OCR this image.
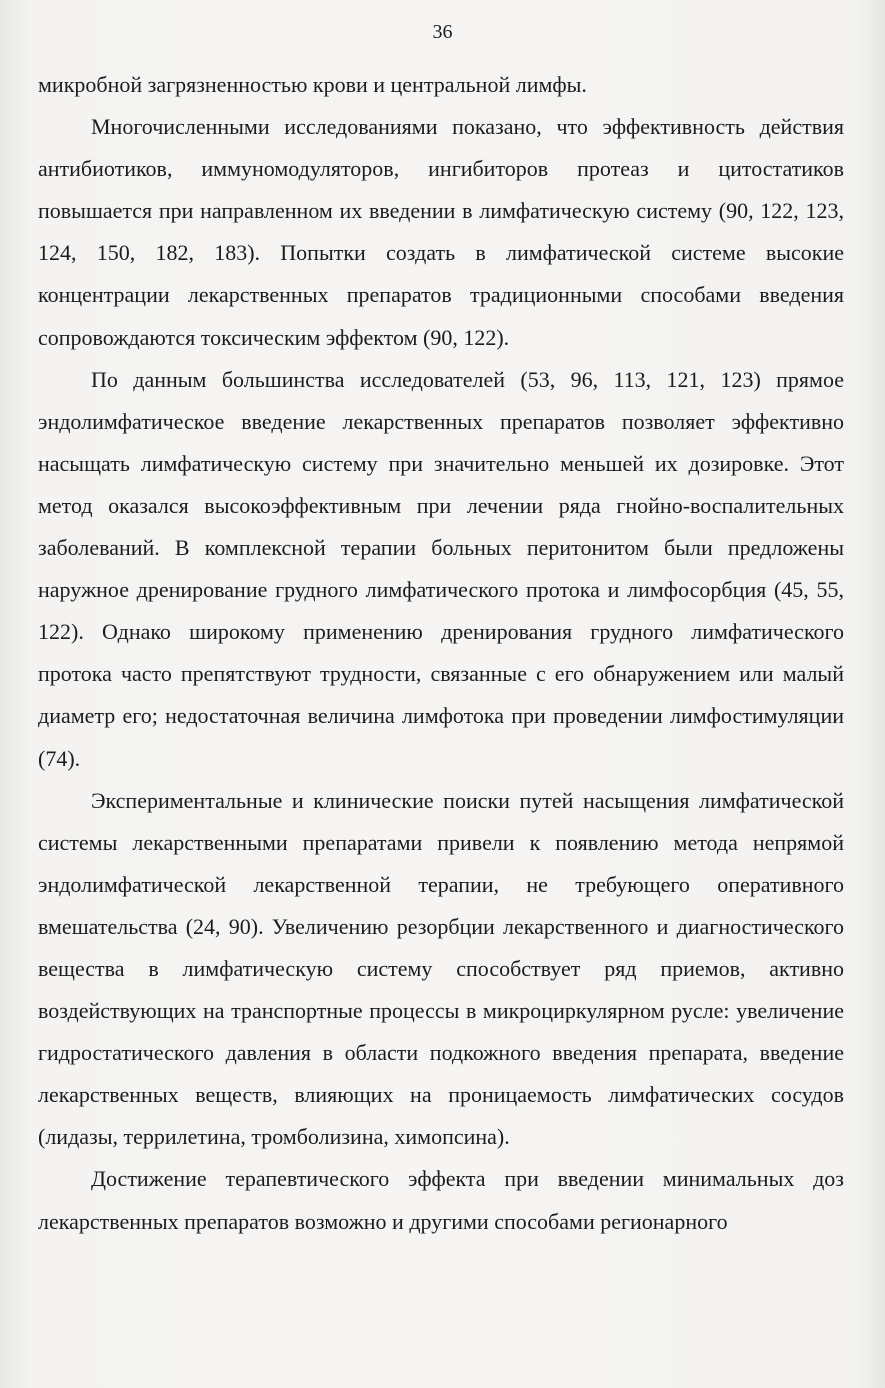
36

микробной загрязненностью крови и центральной лимфы.

Многочисленными исследованиями показано, что эффективность действия антибиотиков, иммуномодуляторов, ингибиторов протеаз и цитостатиков повышается при направленном их введении в лимфатическую систему (90, 122, 123, 124, 150, 182, 183). Попытки создать в лимфатической системе высокие концентрации лекарственных препаратов традиционными способами введения сопровождаются токсическим эффектом (90, 122).

По данным большинства исследователей (53, 96, 113, 121, 123) прямое эндолимфатическое введение лекарственных препаратов позволяет эффективно насыщать лимфатическую систему при значительно меньшей их дозировке. Этот метод оказался высокоэффективным при лечении ряда гнойно-воспалительных заболеваний. В комплексной терапии больных перитонитом были предложены наружное дренирование грудного лимфатического протока и лимфосорбция (45, 55, 122). Однако широкому применению дренирования грудного лимфатического протока часто препятствуют трудности, связанные с его обнаружением или малый диаметр его; недостаточная величина лимфотока при проведении лимфостимуляции (74).

Экспериментальные и клинические поиски путей насыщения лимфатической системы лекарственными препаратами привели к появлению метода непрямой эндолимфатической лекарственной терапии, не требующего оперативного вмешательства (24, 90). Увеличению резорбции лекарственного и диагностического вещества в лимфатическую систему способствует ряд приемов, активно воздействующих на транспортные процессы в микроциркулярном русле: увеличение гидростатического давления в области подкожного введения препарата, введение лекарственных веществ, влияющих на проницаемость лимфатических сосудов (лидазы, террилетина, тромболизина, химопсина).

Достижение терапевтического эффекта при введении минимальных доз лекарственных препаратов возможно и другими способами регионарного
